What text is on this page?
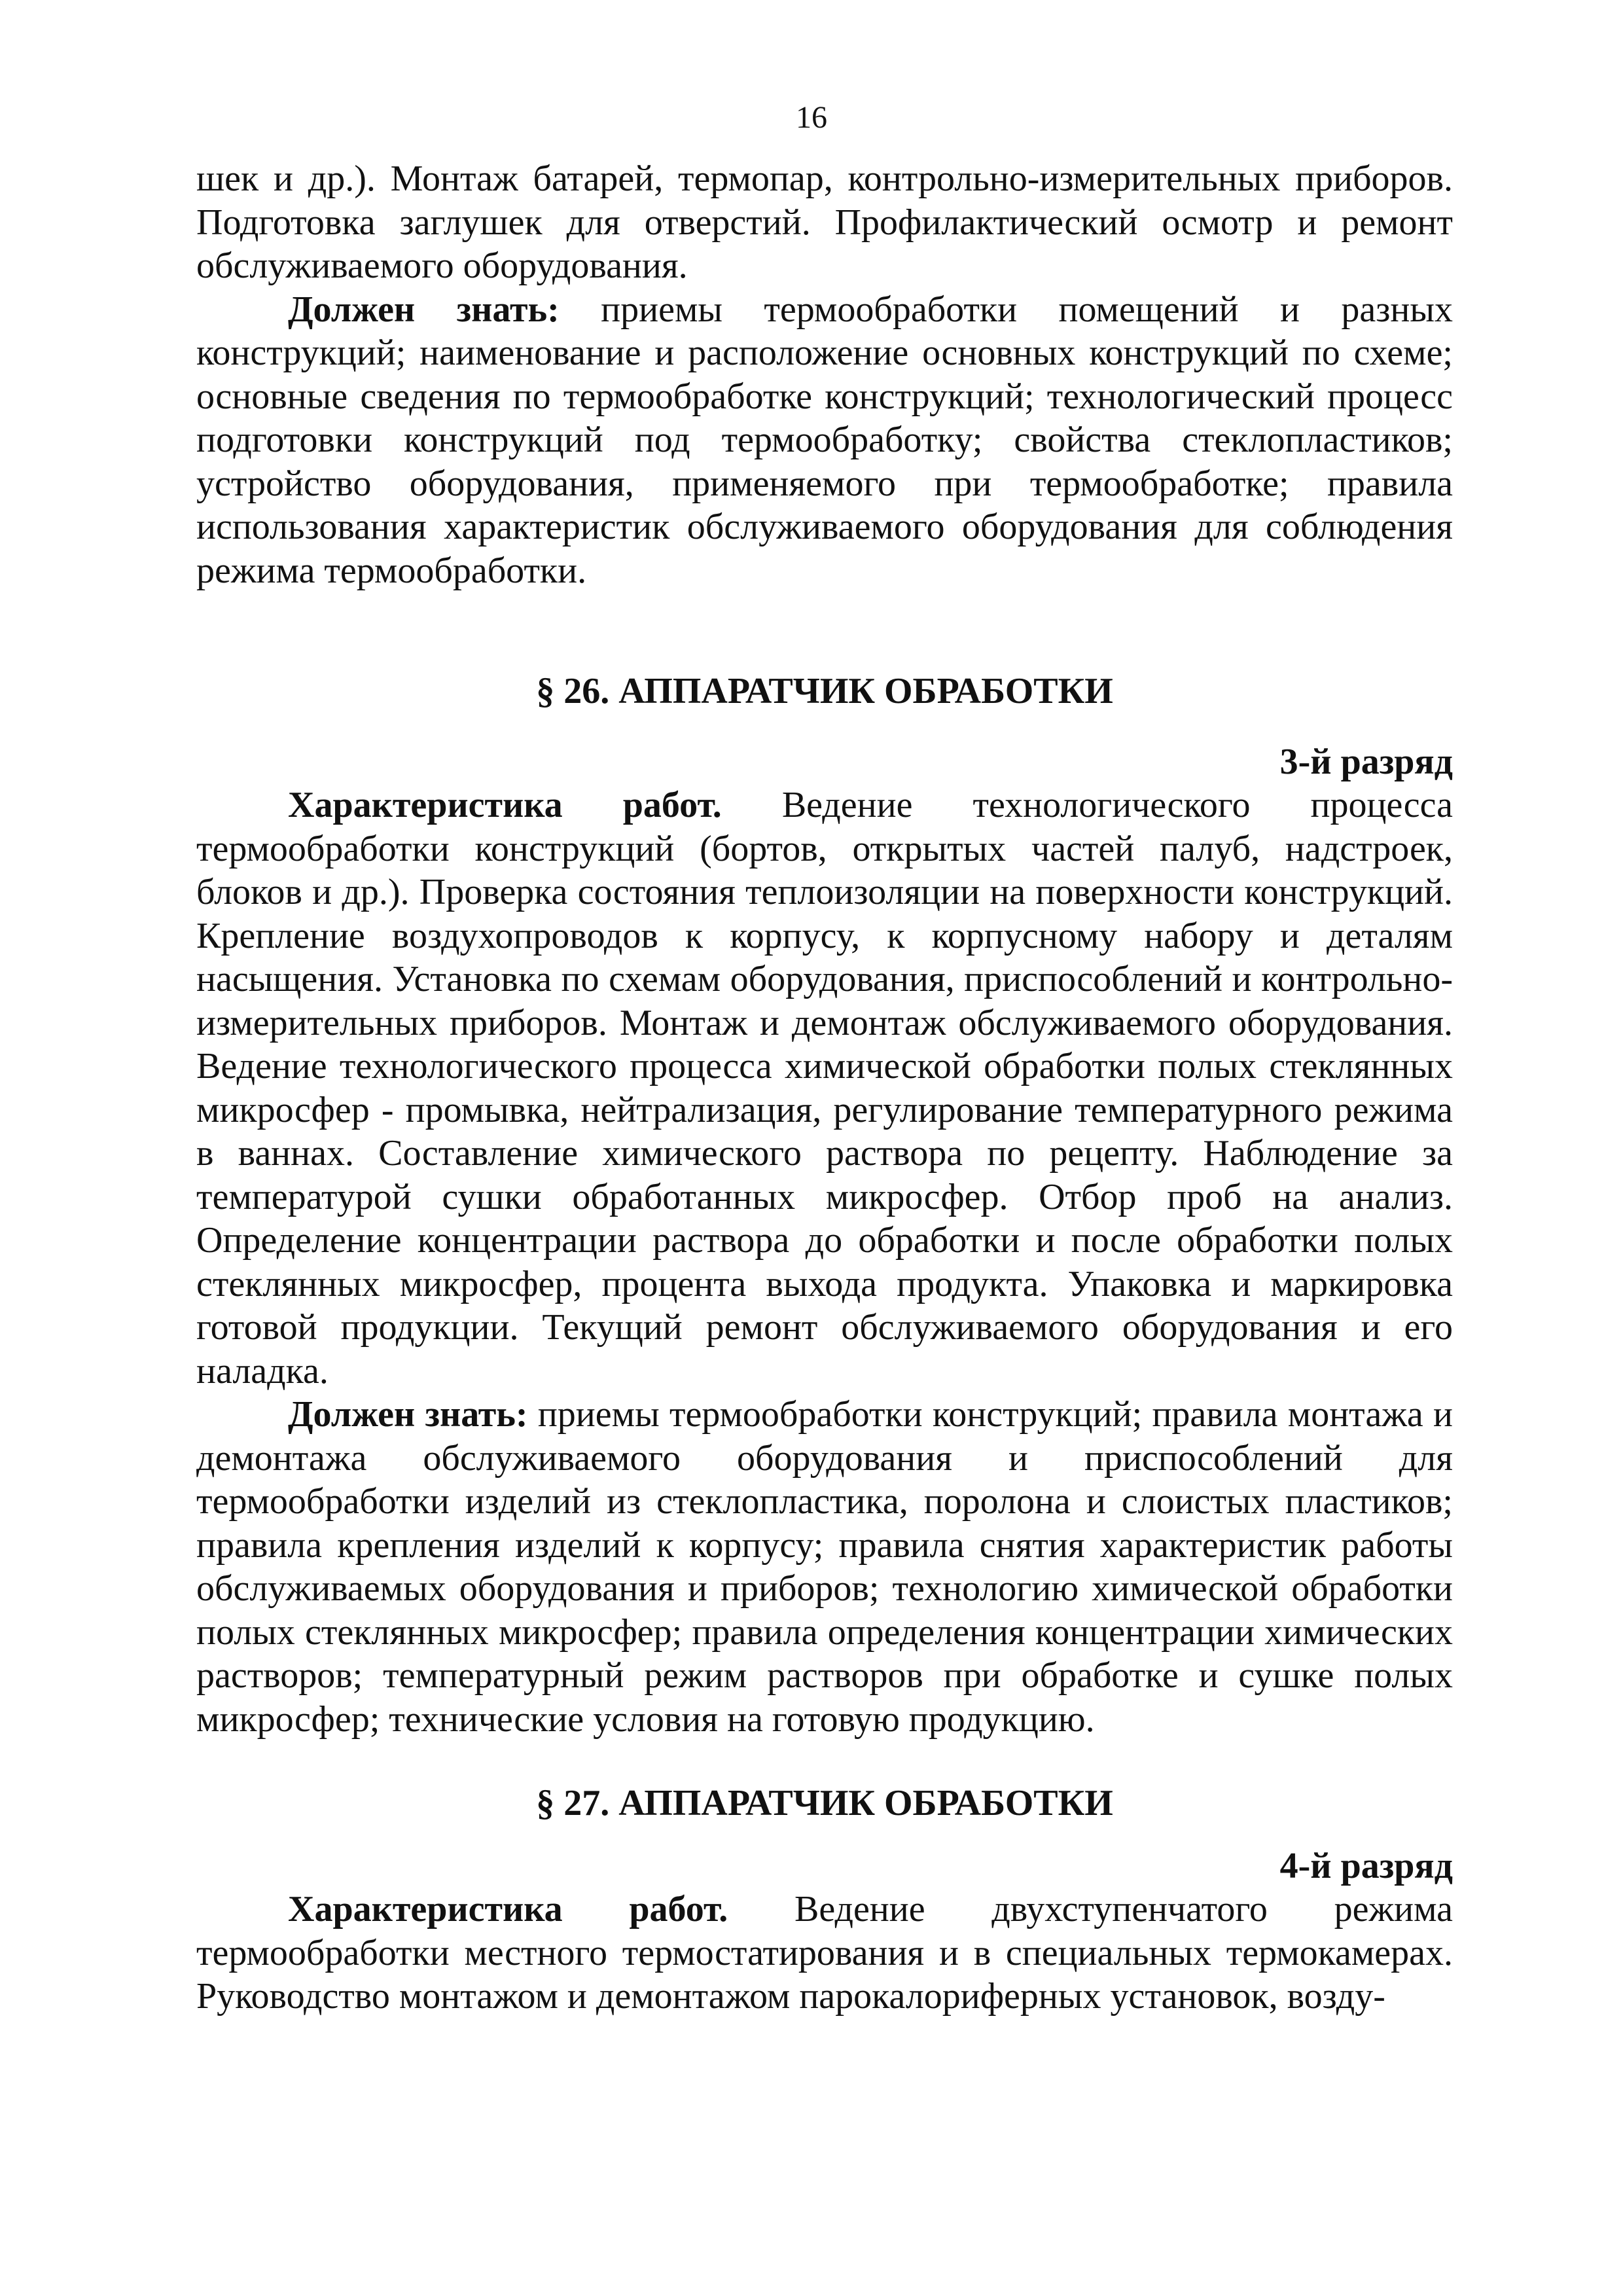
16

шек и др.). Монтаж батарей, термопар, контрольно-измерительных приборов. Подготовка заглушек для отверстий. Профилактический осмотр и ремонт обслуживаемого оборудования.

Должен знать: приемы термообработки помещений и разных конструкций; наименование и расположение основных конструкций по схеме; основные сведения по термообработке конструкций; технологический процесс подготовки конструкций под термообработку; свойства стеклопластиков; устройство оборудования, применяемого при термообработке; правила использования характеристик обслуживаемого оборудования для соблюдения режима термообработки.

§ 26. АППАРАТЧИК ОБРАБОТКИ

3-й разряд

Характеристика работ. Ведение технологического процесса термообработки конструкций (бортов, открытых частей палуб, надстроек, блоков и др.). Проверка состояния теплоизоляции на поверхности конструкций. Крепление воздухопроводов к корпусу, к корпусному набору и деталям насыщения. Установка по схемам оборудования, приспособлений и контрольно-измерительных приборов. Монтаж и демонтаж обслуживаемого оборудования. Ведение технологического процесса химической обработки полых стеклянных микросфер - промывка, нейтрализация, регулирование температурного режима в ваннах. Составление химического раствора по рецепту. Наблюдение за температурой сушки обработанных микросфер. Отбор проб на анализ. Определение концентрации раствора до обработки и после обработки полых стеклянных микросфер, процента выхода продукта. Упаковка и маркировка готовой продукции. Текущий ремонт обслуживаемого оборудования и его наладка.

Должен знать: приемы термообработки конструкций; правила монтажа и демонтажа обслуживаемого оборудования и приспособлений для термообработки изделий из стеклопластика, поролона и слоистых пластиков; правила крепления изделий к корпусу; правила снятия характеристик работы обслуживаемых оборудования и приборов; технологию химической обработки полых стеклянных микросфер; правила определения концентрации химических растворов; температурный режим растворов при обработке и сушке полых микросфер; технические условия на готовую продукцию.

§ 27. АППАРАТЧИК ОБРАБОТКИ

4-й разряд

Характеристика работ. Ведение двухступенчатого режима термообработки местного термостатирования и в специальных термокамерах. Руководство монтажом и демонтажом парокалориферных установок, возду-
